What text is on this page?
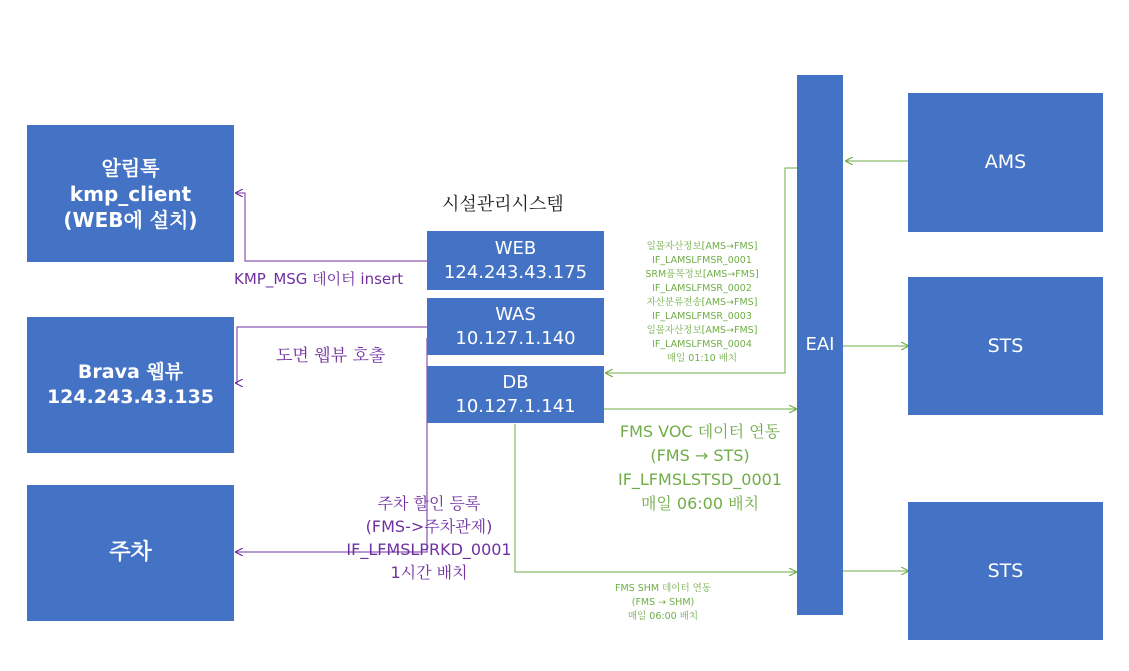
알림톡
kmp_client
(WEB에 설치)
Brava 웹뷰
124.243.43.135
주차
시설관리시스템
WEB
124.243.43.175
WAS
10.127.1.140
DB
10.127.1.141
EAI
AMS
STS
STS
KMP_MSG 데이터 insert
도면 웹뷰 호출
주차 할인 등록
(FMS->주차관제)
IF_LFMSLPRKD_0001
1시간 배치
일몰자산정보[AMS→FMS]
IF_LAMSLFMSR_0001
SRM품목정보[AMS→FMS]
IF_LAMSLFMSR_0002
자산분류전송[AMS→FMS]
IF_LAMSLFMSR_0003
일몰자산정보[AMS→FMS]
IF_LAMSLFMSR_0004
매일 01:10 배치
FMS VOC 데이터 연동
(FMS → STS)
IF_LFMSLSTSD_0001
매일 06:00 배치
FMS SHM 데이터 연동
(FMS → SHM)
매일 06:00 배치
